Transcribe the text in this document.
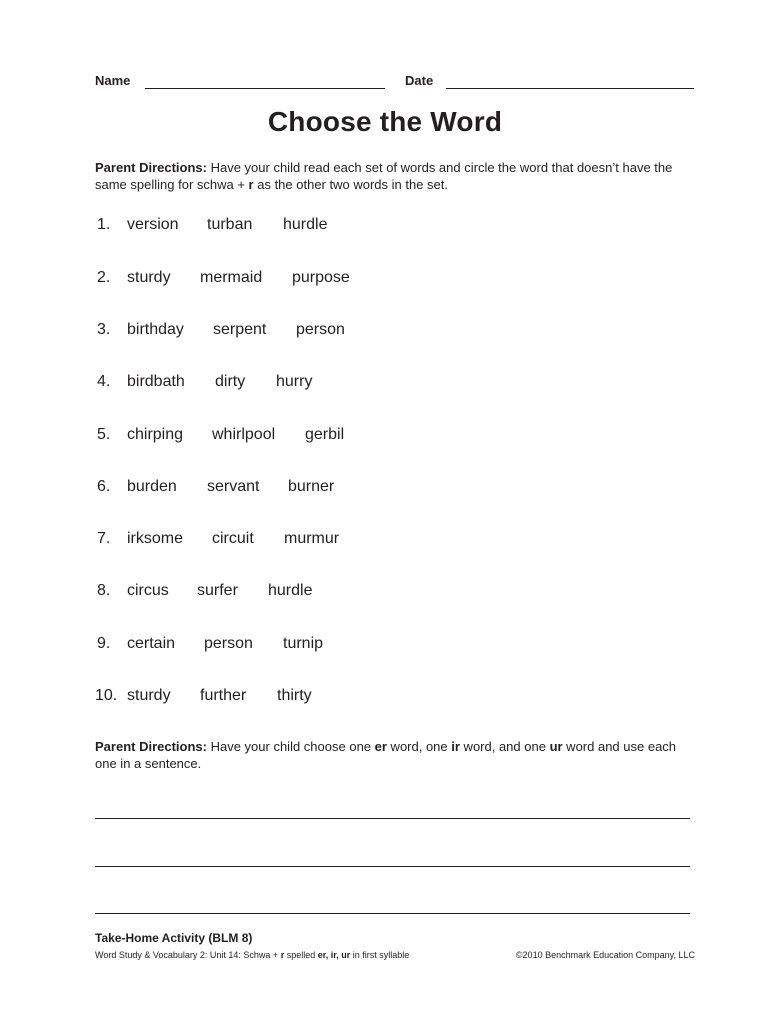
Name	Date
Choose the Word
Parent Directions: Have your child read each set of words and circle the word that doesn’t have the same spelling for schwa + r as the other two words in the set.
1. version turban hurdle
2. sturdy mermaid purpose
3. birthday serpent person
4. birdbath dirty hurry
5. chirping whirlpool gerbil
6. burden servant burner
7. irksome circuit murmur
8. circus surfer hurdle
9. certain person turnip
10. sturdy further thirty
Parent Directions: Have your child choose one er word, one ir word, and one ur word and use each one in a sentence.
Take-Home Activity (BLM 8)
Word Study & Vocabulary 2: Unit 14: Schwa + r spelled er, ir, ur in first syllable	©2010 Benchmark Education Company, LLC
